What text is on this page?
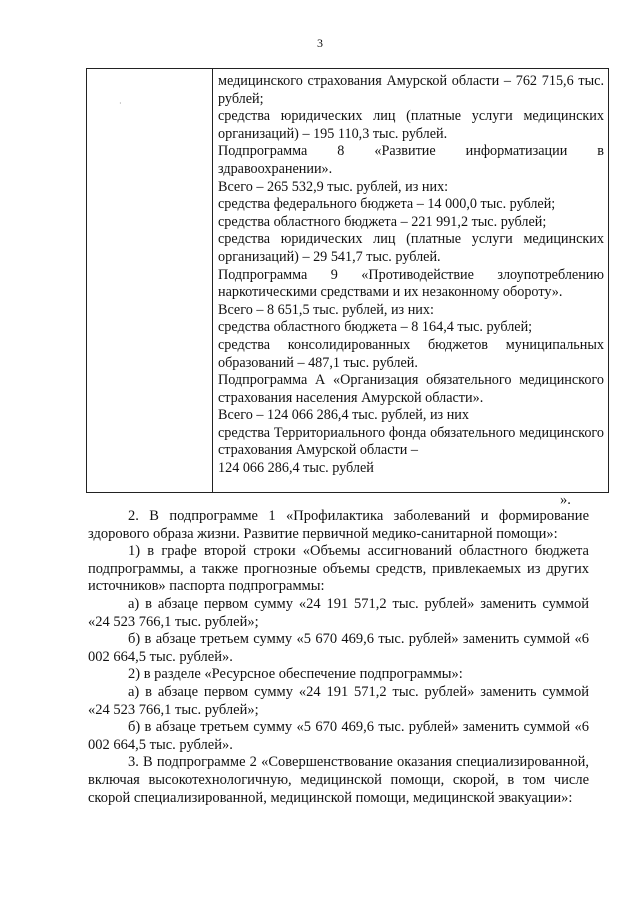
3
·

медицинского страхования Амурской области – 762 715,6 тыс. рублей;

средства юридических лиц (платные услуги медицинских организаций) – 195 110,3 тыс. рублей.

Подпрограмма 8 «Развитие информатизации в здравоохранении».

Всего – 265 532,9 тыс. рублей, из них:

средства федерального бюджета – 14 000,0 тыс. рублей;

средства областного бюджета – 221 991,2 тыс. рублей;

средства юридических лиц (платные услуги медицинских организаций) – 29 541,7 тыс. рублей.

Подпрограмма 9 «Противодействие злоупотреблению наркотическими средствами и их незаконному обороту».

Всего – 8 651,5 тыс. рублей, из них:

средства областного бюджета – 8 164,4 тыс. рублей;

средства консолидированных бюджетов муниципальных образований – 487,1 тыс. рублей.

Подпрограмма А «Организация обязательного медицинского страхования населения Амурской области».

Всего – 124 066 286,4 тыс. рублей, из них

средства Территориального фонда обязательного медицинского страхования Амурской области –

124 066 286,4 тыс. рублей

».

2. В подпрограмме 1 «Профилактика заболеваний и формирование здорового образа жизни. Развитие первичной медико-санитарной помощи»:

1) в графе второй строки «Объемы ассигнований областного бюджета подпрограммы, а также прогнозные объемы средств, привлекаемых из других источников» паспорта подпрограммы:

а) в абзаце первом сумму «24 191 571,2 тыс. рублей» заменить суммой «24 523 766,1 тыс. рублей»;

б) в абзаце третьем сумму «5 670 469,6 тыс. рублей» заменить суммой «6 002 664,5 тыс. рублей».

2) в разделе «Ресурсное обеспечение подпрограммы»:

а) в абзаце первом сумму «24 191 571,2 тыс. рублей» заменить суммой «24 523 766,1 тыс. рублей»;

б) в абзаце третьем сумму «5 670 469,6 тыс. рублей» заменить суммой «6 002 664,5 тыс. рублей».

3. В подпрограмме 2 «Совершенствование оказания специализированной, включая высокотехнологичную, медицинской помощи, скорой, в том числе скорой специализированной, медицинской помощи, медицинской эвакуации»:
